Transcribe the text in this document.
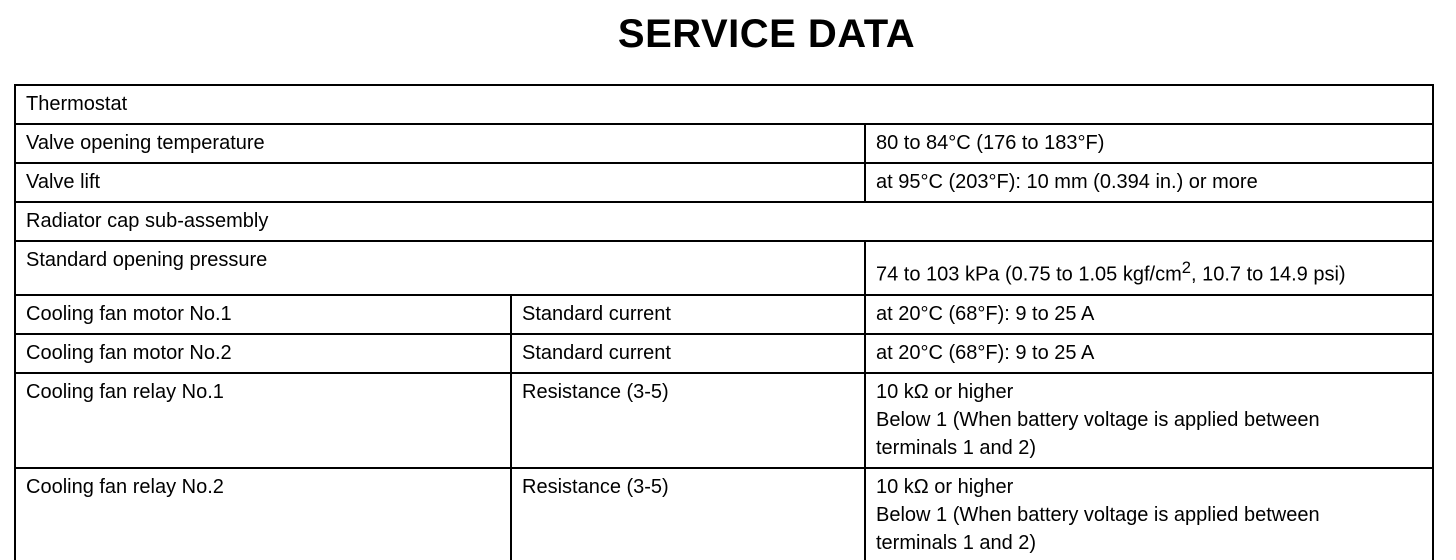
SERVICE DATA
Thermostat		
Valve opening temperature		80 to 84°C (176 to 183°F)
Valve lift		at 95°C (203°F): 10 mm (0.394 in.) or more
Radiator cap sub-assembly		
Standard opening pressure		74 to 103 kPa (0.75 to 1.05 kgf/$cm^2$, 10.7 to 14.9 psi)

Cooling fan motor No.1	Standard current	at 20°C (68°F): 9 to 25 A
Cooling fan motor No.2	Standard current	at 20°C (68°F): 9 to 25 A
Cooling fan relay No.1	Resistance (3-5)	10 kΩ or higher
Below 1 (When battery voltage is applied between
terminals 1 and 2)

Cooling fan relay No.2	Resistance (3-5)	10 kΩ or higher
Below 1 (When battery voltage is applied between
terminals 1 and 2)
